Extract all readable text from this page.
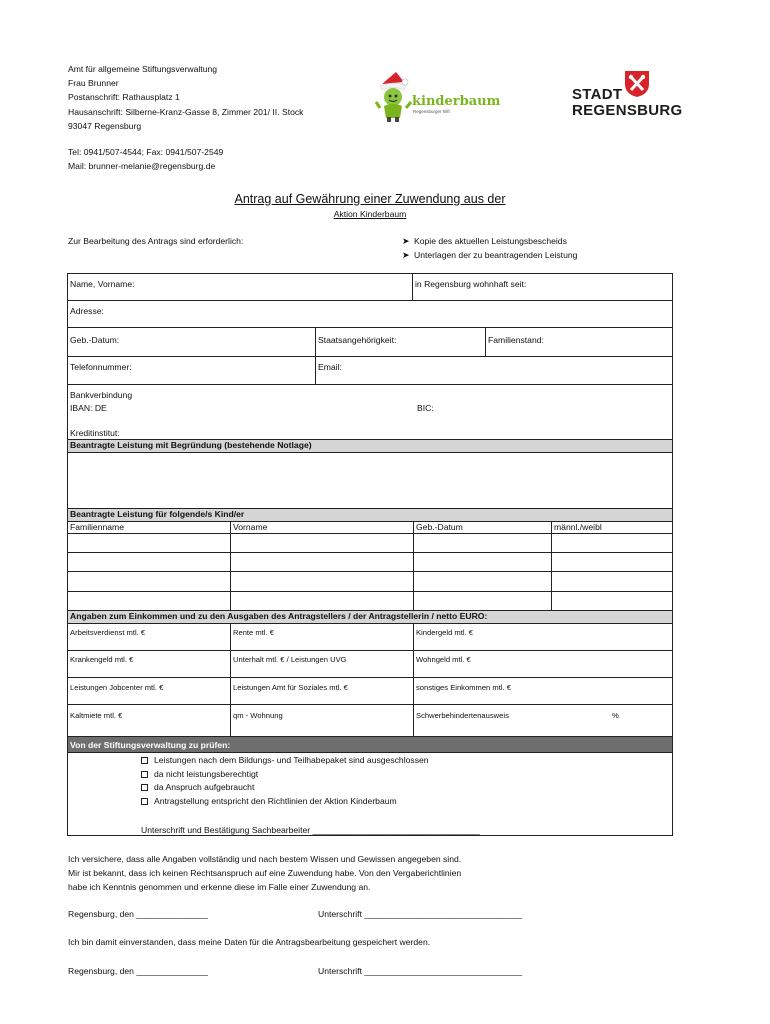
Amt für allgemeine Stiftungsverwaltung
Frau Brunner
Postanschrift: Rathausplatz 1
Hausanschrift: Silberne-Kranz-Gasse 8, Zimmer 201/ II. Stock
93047 Regensburg
Tel: 0941/507-4544; Fax: 0941/507-2549
Mail: brunner-melanie@regensburg.de
kinderbaum
Regensburger hilft
STADT
REGENSBURG
Antrag auf Gewährung einer Zuwendung aus der
Aktion Kinderbaum
Zur Bearbeitung des Antrags sind erforderlich:	➤ Kopie des aktuellen Leistungsbescheids
➤ Unterlagen der zu beantragenden Leistung
Name, Vorname:	in Regensburg wohnhaft seit:
Adresse:
Geb.-Datum:	Staatsangehörigkeit:	Familienstand:
Telefonnummer:	Email:
Bankverbindung
IBAN: DE	BIC:
Kreditinstitut:
Beantragte Leistung mit Begründung (bestehende Notlage)
Beantragte Leistung für folgende/s Kind/er
Familienname	Vorname	Geb.-Datum	männl./weibl
Angaben zum Einkommen und zu den Ausgaben des Antragstellers / der Antragstellerin / netto EURO:
Arbeitsverdienst mtl. €	Rente mtl. €	Kindergeld mtl. €
Krankengeld mtl. €	Unterhalt mtl. € / Leistungen UVG	Wohngeld mtl. €
Leistungen Jobcenter mtl. €	Leistungen Amt für Soziales mtl. €	sonstiges Einkommen mtl. €
Kaltmiete mtl. €	qm - Wohnung	Schwerbehindertenausweis	%
Von der Stiftungsverwaltung zu prüfen:
Leistungen nach dem Bildungs- und Teilhabepaket sind ausgeschlossen
da nicht leistungsberechtigt
da Anspruch aufgebraucht
Antragstellung entspricht den Richtlinien der Aktion Kinderbaum
Unterschrift und Bestätigung Sachbearbeiter ___________________________________
Ich versichere, dass alle Angaben vollständig und nach bestem Wissen und Gewissen angegeben sind.
Mir ist bekannt, dass ich keinen Rechtsanspruch auf eine Zuwendung habe. Von den Vergaberichtlinien
habe ich Kenntnis genommen und erkenne diese im Falle einer Zuwendung an.
Regensburg, den _______________	Unterschrift _________________________________
Ich bin damit einverstanden, dass meine Daten für die Antragsbearbeitung gespeichert werden.
Regensburg, den _______________	Unterschrift _________________________________
